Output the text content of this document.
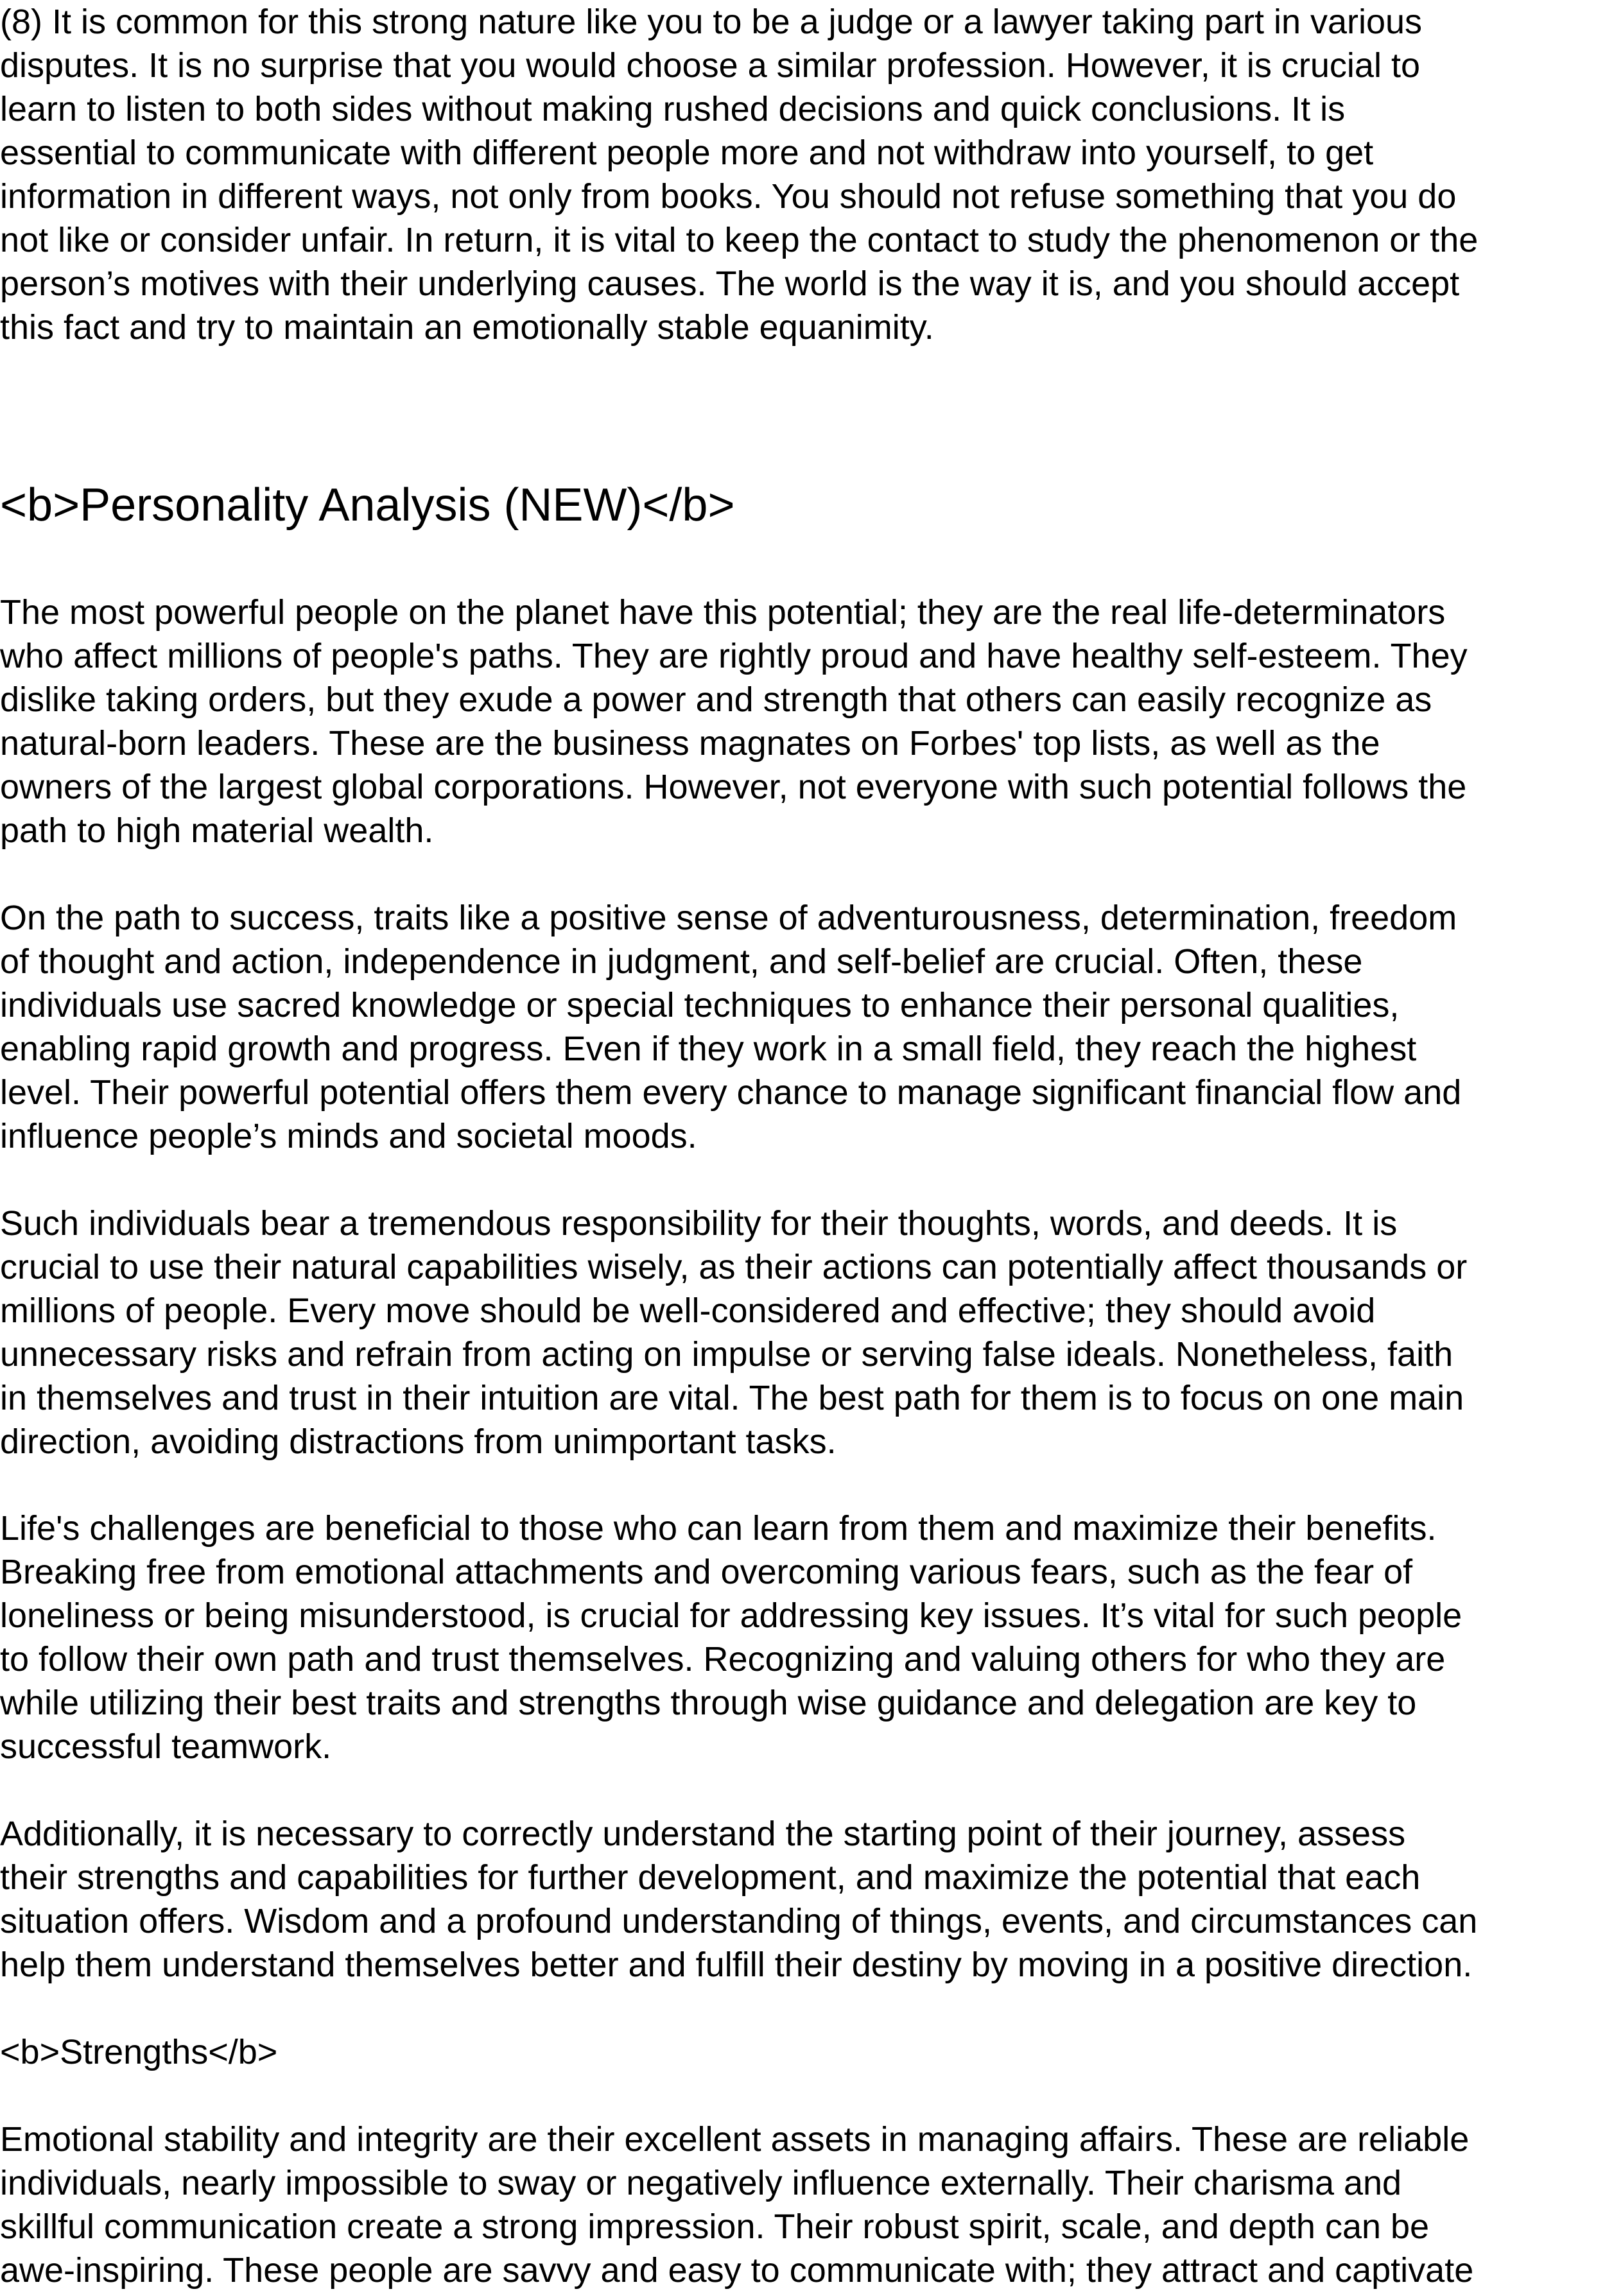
(8) It is common for this strong nature like you to be a judge or a lawyer taking part in various
disputes. It is no surprise that you would choose a similar profession. However, it is crucial to
learn to listen to both sides without making rushed decisions and quick conclusions. It is
essential to communicate with different people more and not withdraw into yourself, to get
information in different ways, not only from books. You should not refuse something that you do
not like or consider unfair. In return, it is vital to keep the contact to study the phenomenon or the
person’s motives with their underlying causes. The world is the way it is, and you should accept
this fact and try to maintain an emotionally stable equanimity.

<b>Personality Analysis (NEW)</b>

The most powerful people on the planet have this potential; they are the real life-determinators
who affect millions of people's paths. They are rightly proud and have healthy self-esteem. They
dislike taking orders, but they exude a power and strength that others can easily recognize as
natural-born leaders. These are the business magnates on Forbes' top lists, as well as the
owners of the largest global corporations. However, not everyone with such potential follows the
path to high material wealth.

On the path to success, traits like a positive sense of adventurousness, determination, freedom
of thought and action, independence in judgment, and self-belief are crucial. Often, these
individuals use sacred knowledge or special techniques to enhance their personal qualities,
enabling rapid growth and progress. Even if they work in a small field, they reach the highest
level. Their powerful potential offers them every chance to manage significant financial flow and
influence people’s minds and societal moods.

Such individuals bear a tremendous responsibility for their thoughts, words, and deeds. It is
crucial to use their natural capabilities wisely, as their actions can potentially affect thousands or
millions of people. Every move should be well-considered and effective; they should avoid
unnecessary risks and refrain from acting on impulse or serving false ideals. Nonetheless, faith
in themselves and trust in their intuition are vital. The best path for them is to focus on one main
direction, avoiding distractions from unimportant tasks.

Life's challenges are beneficial to those who can learn from them and maximize their benefits.
Breaking free from emotional attachments and overcoming various fears, such as the fear of
loneliness or being misunderstood, is crucial for addressing key issues. It’s vital for such people
to follow their own path and trust themselves. Recognizing and valuing others for who they are
while utilizing their best traits and strengths through wise guidance and delegation are key to
successful teamwork.

Additionally, it is necessary to correctly understand the starting point of their journey, assess
their strengths and capabilities for further development, and maximize the potential that each
situation offers. Wisdom and a profound understanding of things, events, and circumstances can
help them understand themselves better and fulfill their destiny by moving in a positive direction.

<b>Strengths</b>

Emotional stability and integrity are their excellent assets in managing affairs. These are reliable
individuals, nearly impossible to sway or negatively influence externally. Their charisma and
skillful communication create a strong impression. Their robust spirit, scale, and depth can be
awe-inspiring. These people are savvy and easy to communicate with; they attract and captivate
